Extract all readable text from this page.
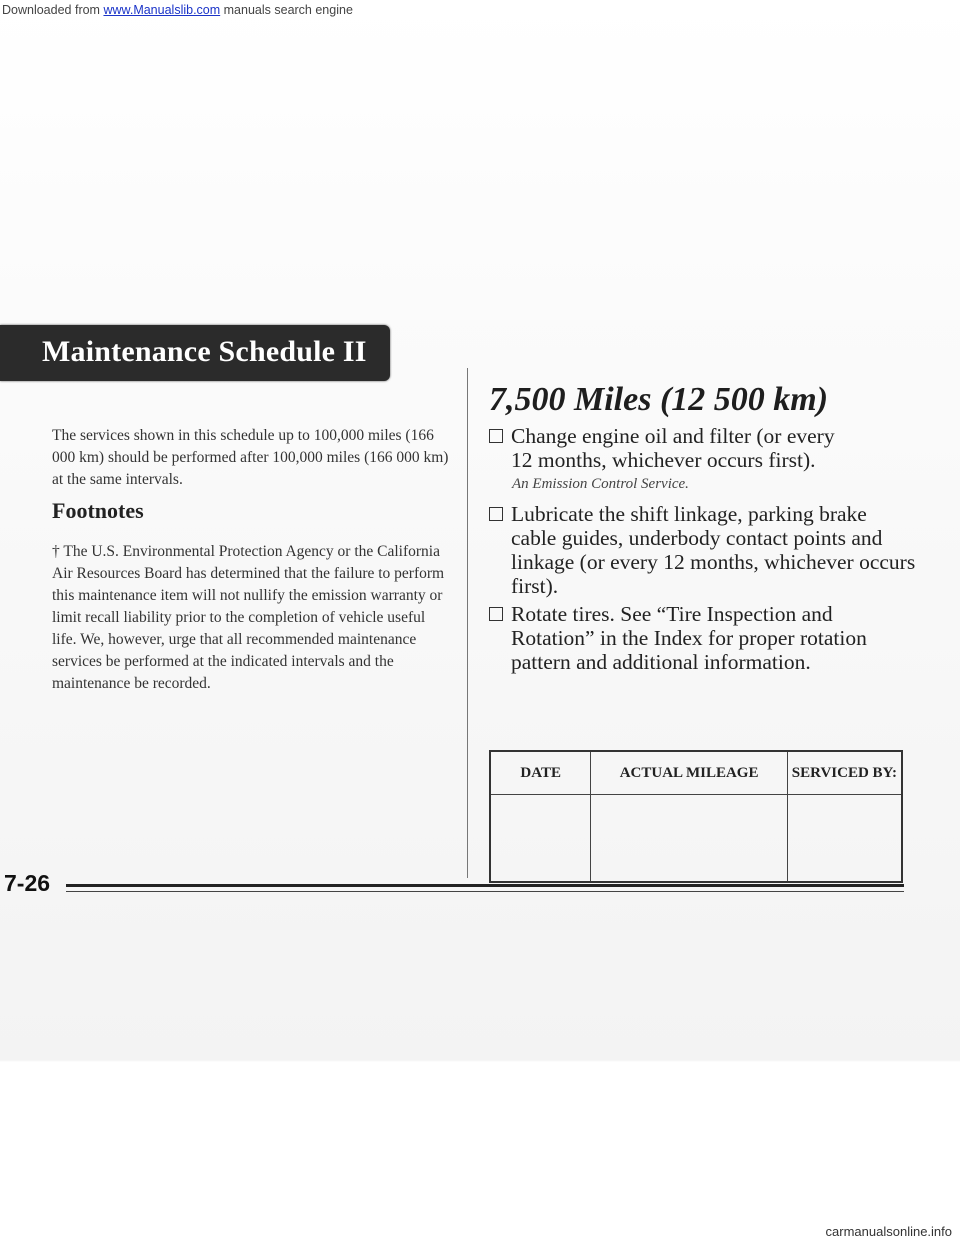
Downloaded from www.Manualslib.com manuals search engine
Maintenance Schedule II
The services shown in this schedule up to 100,000 miles (166 000 km) should be performed after 100,000 miles (166 000 km) at the same intervals.
Footnotes
† The U.S. Environmental Protection Agency or the California Air Resources Board has determined that the failure to perform this maintenance item will not nullify the emission warranty or limit recall liability prior to the completion of vehicle useful life. We, however, urge that all recommended maintenance services be performed at the indicated intervals and the maintenance be recorded.
7,500 Miles (12 500 km)
Change engine oil and filter (or every
12 months, whichever occurs first).
An Emission Control Service.
Lubricate the shift linkage, parking brake
cable guides, underbody contact points and linkage (or every 12 months, whichever occurs first).
Rotate tires. See “Tire Inspection and
Rotation” in the Index for proper rotation pattern and additional information.
DATE	ACTUAL MILEAGE	SERVICED BY:

7-26
carmanualsonline.info
